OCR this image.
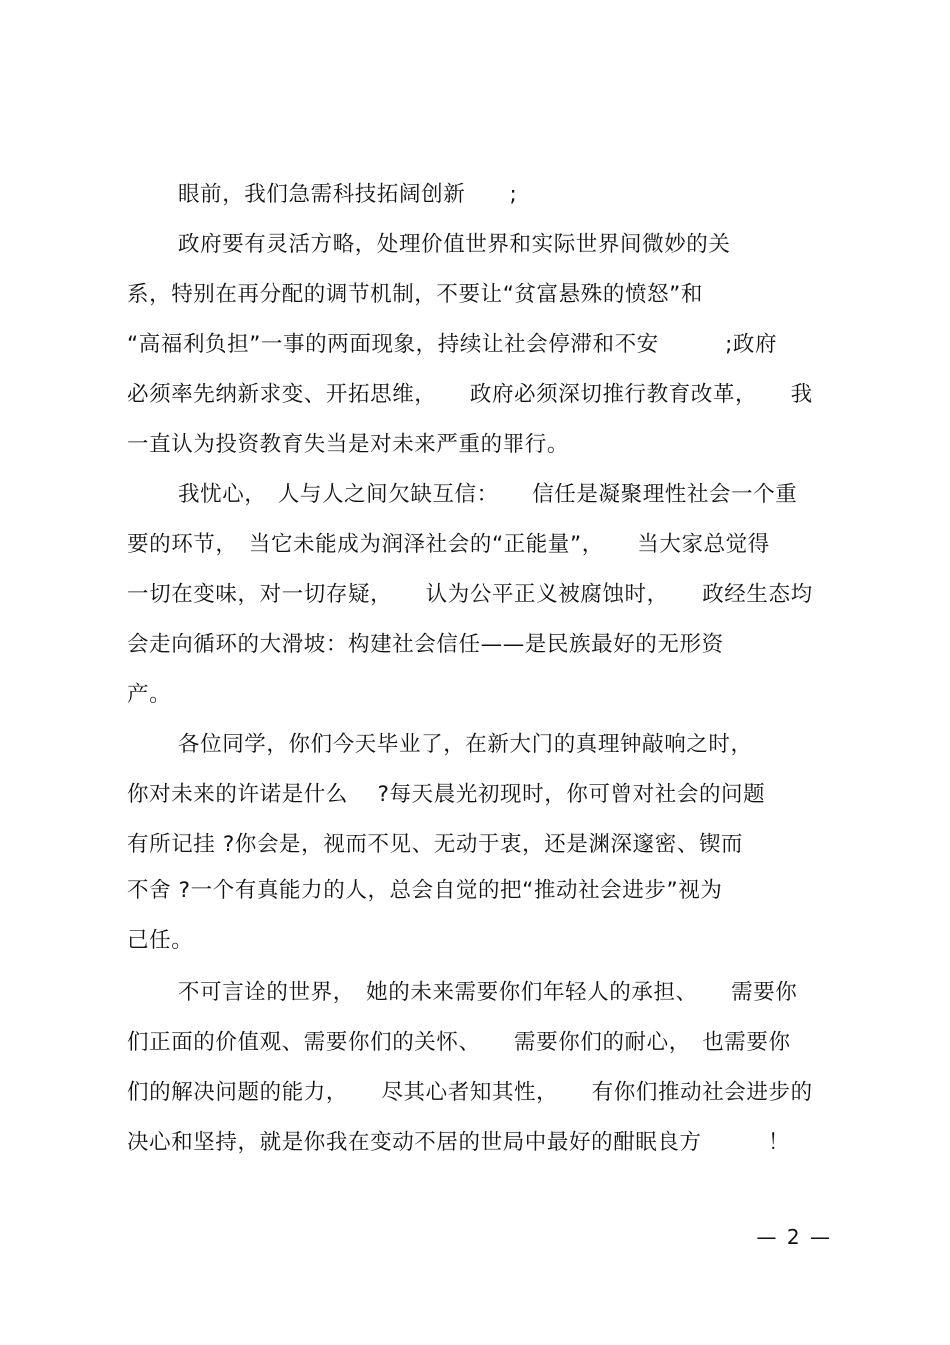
眼前，我们急需科技拓阔创新　　;
政府要有灵活方略，处理价值世界和实际世界间微妙的关
系，特别在再分配的调节机制，不要让“贫富悬殊的愤怒”和
“高福利负担”一事的两面现象，持续让社会停滞和不安　　　;政府
必须率先纳新求变、开拓思维，　　政府必须深切推行教育改革，　　我
一直认为投资教育失当是对未来严重的罪行。
我忧心，　人与人之间欠缺互信：　　信任是凝聚理性社会一个重
要的环节，　当它未能成为润泽社会的“正能量”，　　当大家总觉得
一切在变味，对一切存疑，　　认为公平正义被腐蚀时，　　政经生态均
会走向循环的大滑坡：构建社会信任——是民族最好的无形资
产。
各位同学，你们今天毕业了，在新大门的真理钟敲响之时，
你对未来的许诺是什么　 ?每天晨光初现时，你可曾对社会的问题
有所记挂 ?你会是，视而不见、无动于衷，还是渊深邃密、锲而
不舍 ?一个有真能力的人，总会自觉的把“推动社会进步”视为
己任。
不可言诠的世界，　她的未来需要你们年轻人的承担、　　需要你
们正面的价值观、需要你们的关怀、　　需要你们的耐心，　也需要你
们的解决问题的能力，　　尽其心者知其性，　　有你们推动社会进步的
决心和坚持，就是你我在变动不居的世局中最好的酣眠良方　　　！
— 2 —
